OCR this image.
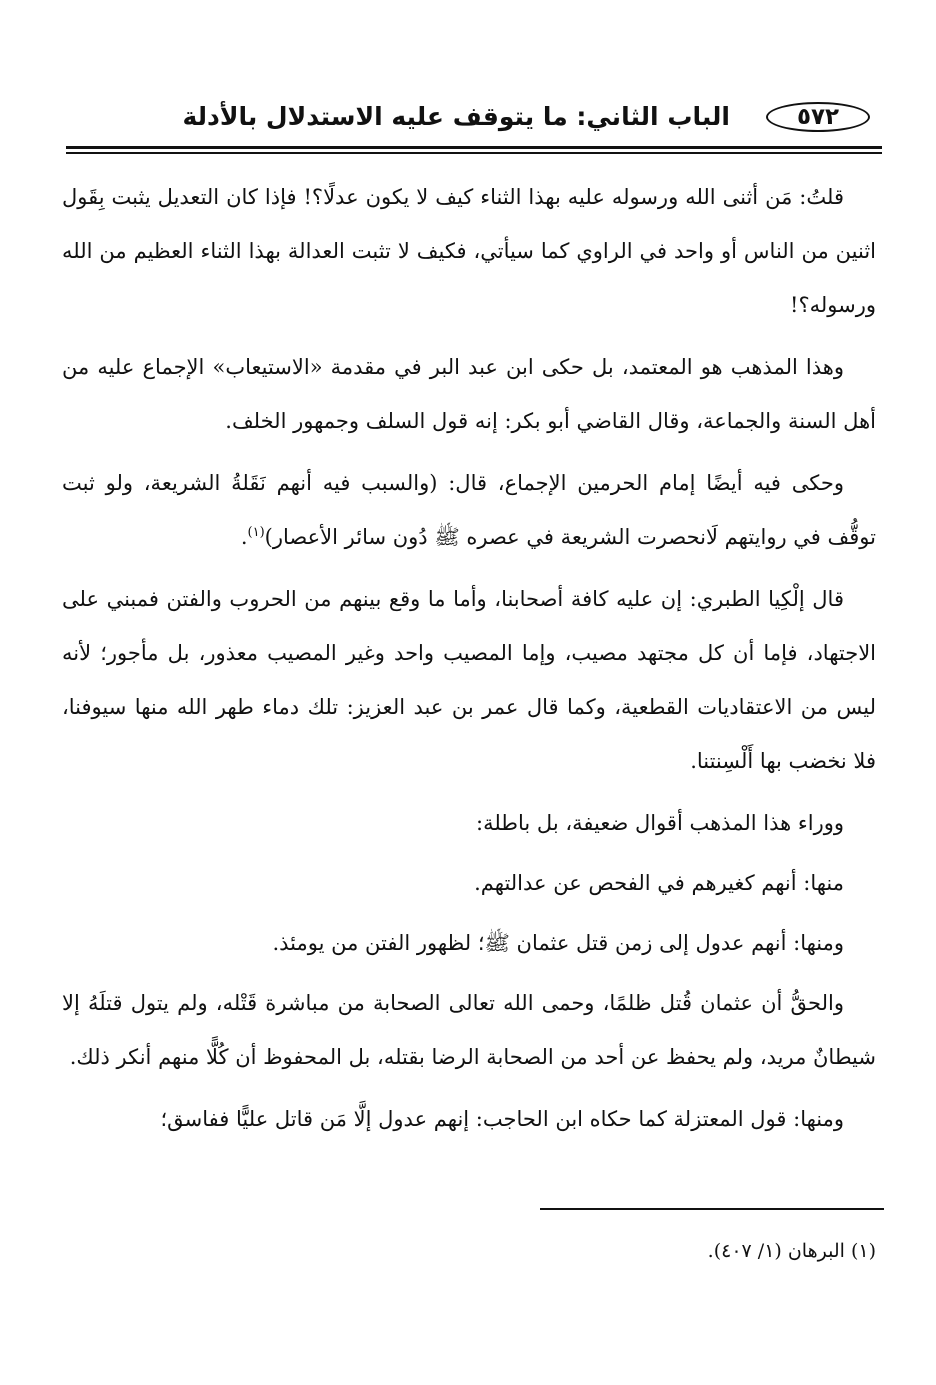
الباب الثاني: ما يتوقف عليه الاستدلال بالأدلة	٥٧٢

قلتُ: مَن أثنى الله ورسوله عليه بهذا الثناء كيف لا يكون عدلًا؟! فإذا كان التعديل يثبت بِقَول اثنين من الناس أو واحد في الراوي كما سيأتي، فكيف لا تثبت العدالة بهذا الثناء العظيم من الله ورسوله؟!

وهذا المذهب هو المعتمد، بل حكى ابن عبد البر في مقدمة «الاستيعاب» الإجماع عليه من أهل السنة والجماعة، وقال القاضي أبو بكر: إنه قول السلف وجمهور الخلف.

وحكى فيه أيضًا إمام الحرمين الإجماع، قال: (والسبب فيه أنهم نَقَلةُ الشريعة، ولو ثبت توقُّف في روايتهم لَانحصرت الشريعة في عصره ﷺ دُون سائر الأعصار)$^{(١)}$.

قال إلْكِيا الطبري: إن عليه كافة أصحابنا، وأما ما وقع بينهم من الحروب والفتن فمبني على الاجتهاد، فإما أن كل مجتهد مصيب، وإما المصيب واحد وغير المصيب معذور، بل مأجور؛ لأنه ليس من الاعتقاديات القطعية، وكما قال عمر بن عبد العزيز: تلك دماء طهر الله منها سيوفنا، فلا نخضب بها أَلْسِنتنا.

ووراء هذا المذهب أقوال ضعيفة، بل باطلة:

منها: أنهم كغيرهم في الفحص عن عدالتهم.

ومنها: أنهم عدول إلى زمن قتل عثمان ﷺ؛ لظهور الفتن من يومئذ.

والحقُّ أن عثمان قُتل ظلمًا، وحمى الله تعالى الصحابة من مباشرة قَتْله، ولم يتول قتلَهُ إلا شيطانٌ مريد، ولم يحفظ عن أحد من الصحابة الرضا بقتله، بل المحفوظ أن كُلًّا منهم أنكر ذلك.

ومنها: قول المعتزلة كما حكاه ابن الحاجب: إنهم عدول إلَّا مَن قاتل عليًّا ففاسق؛

(١) البرهان (١/ ٤٠٧).
